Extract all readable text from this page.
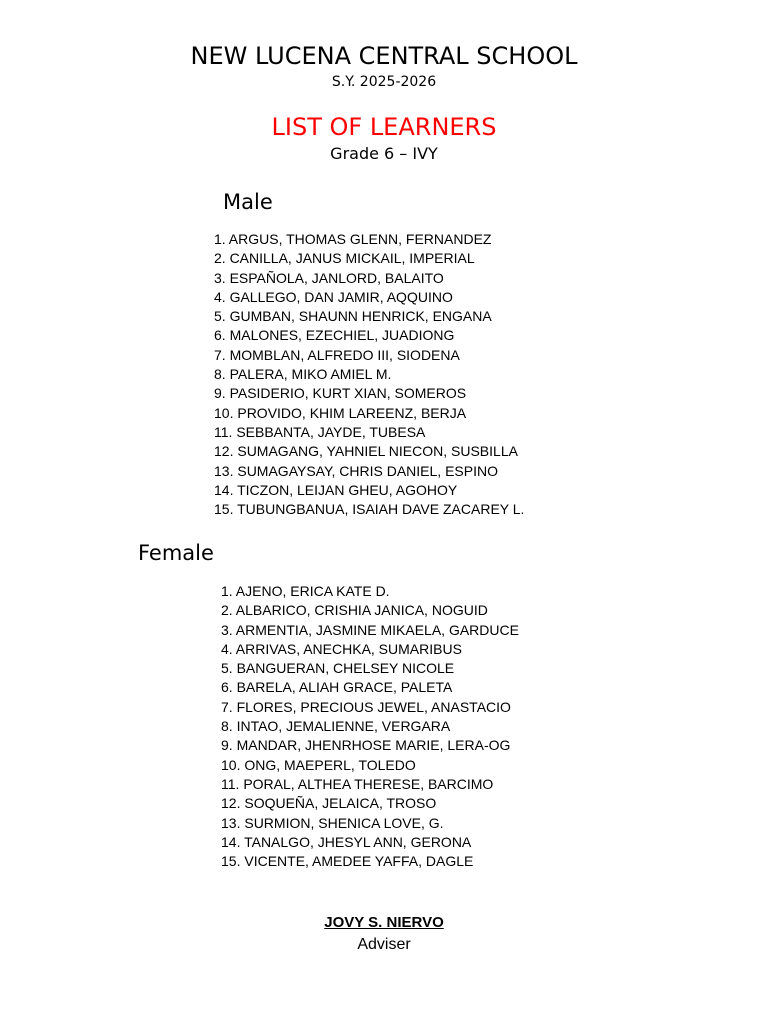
NEW LUCENA CENTRAL SCHOOL
S.Y. 2025-2026
LIST OF LEARNERS
Grade 6 – IVY
Male
1. ARGUS, THOMAS GLENN, FERNANDEZ
2. CANILLA, JANUS MICKAIL, IMPERIAL
3. ESPAÑOLA, JANLORD, BALAITO
4. GALLEGO, DAN JAMIR, AQQUINO
5. GUMBAN, SHAUNN HENRICK, ENGANA
6. MALONES, EZECHIEL, JUADIONG
7. MOMBLAN, ALFREDO III, SIODENA
8. PALERA, MIKO AMIEL M.
9. PASIDERIO, KURT XIAN, SOMEROS
10. PROVIDO, KHIM LAREENZ, BERJA
11. SEBBANTA, JAYDE, TUBESA
12. SUMAGANG, YAHNIEL NIECON, SUSBILLA
13. SUMAGAYSAY, CHRIS DANIEL, ESPINO
14. TICZON, LEIJAN GHEU, AGOHOY
15. TUBUNGBANUA, ISAIAH DAVE ZACAREY L.
Female
1. AJENO, ERICA KATE D.
2. ALBARICO, CRISHIA JANICA, NOGUID
3. ARMENTIA, JASMINE MIKAELA, GARDUCE
4. ARRIVAS, ANECHKA, SUMARIBUS
5. BANGUERAN, CHELSEY NICOLE
6. BARELA, ALIAH GRACE, PALETA
7. FLORES, PRECIOUS JEWEL, ANASTACIO
8. INTAO, JEMALIENNE, VERGARA
9. MANDAR, JHENRHOSE MARIE, LERA-OG
10. ONG, MAEPERL, TOLEDO
11. PORAL, ALTHEA THERESE, BARCIMO
12. SOQUEÑA, JELAICA, TROSO
13. SURMION, SHENICA LOVE, G.
14. TANALGO, JHESYL ANN, GERONA
15. VICENTE, AMEDEE YAFFA, DAGLE
JOVY S. NIERVO
Adviser
